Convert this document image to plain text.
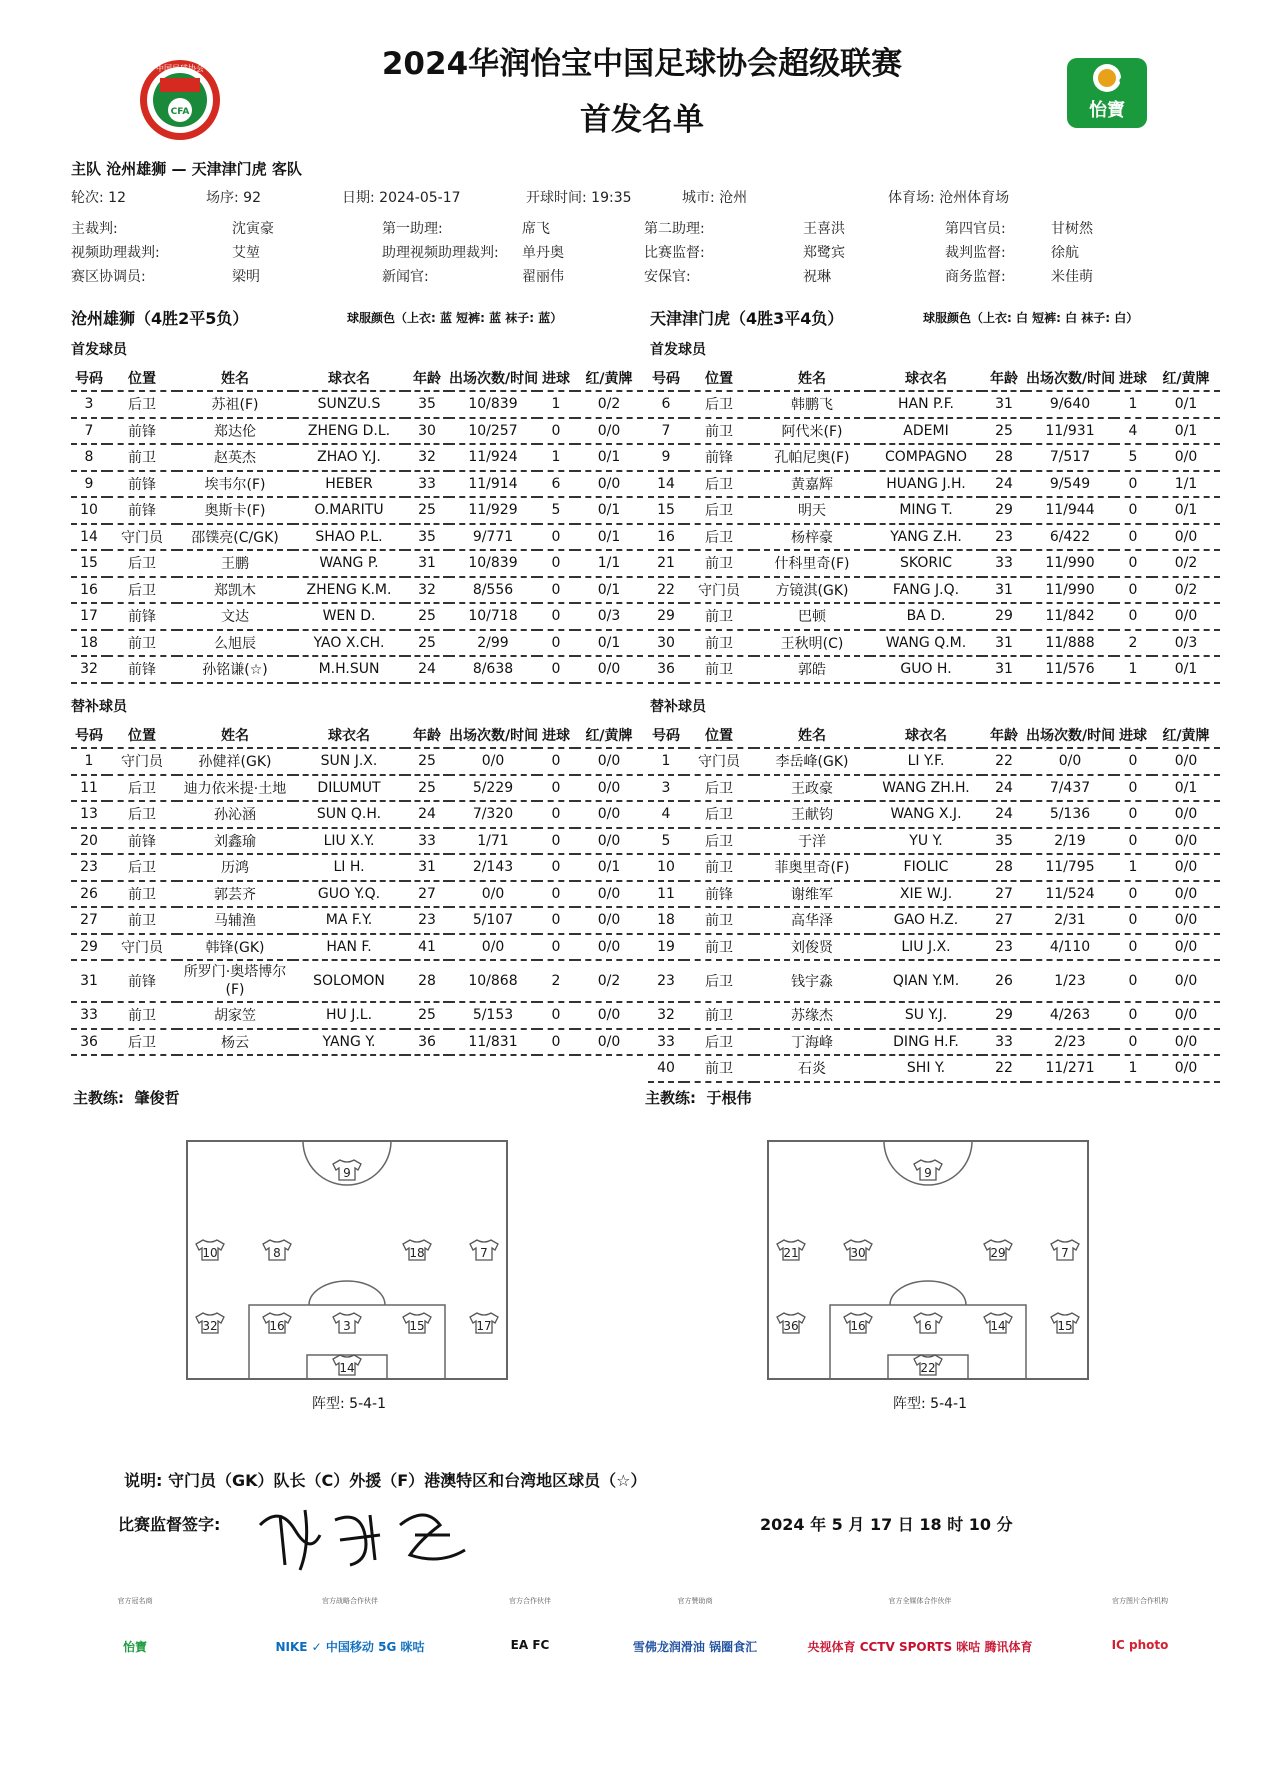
2024华润怡宝中国足球协会超级联赛
首发名单
CFA
中国足球协会
CSL
怡寶
主队 沧州雄狮 — 天津津门虎 客队
轮次: 12	场序: 92	日期: 2024-05-17	开球时间: 19:35	城市: 沧州	体育场: 沧州体育场
主裁判:	沈寅豪	第一助理:	席飞	第二助理:	王喜洪	第四官员:	甘树然
视频助理裁判:	艾堃	助理视频助理裁判: 单丹奥	比赛监督:	郑鹭宾	裁判监督:	徐航
赛区协调员:	梁明	新闻官:	翟丽伟	安保官:	祝琳	商务监督:	米佳萌
沧州雄狮（4胜2平5负）	球服颜色（上衣: 蓝 短裤: 蓝 袜子: 蓝）	天津津门虎（4胜3平4负）	球服颜色（上衣: 白 短裤: 白 袜子: 白）
首发球员	首发球员
号码	位置	姓名	球衣名	年龄	出场次数/时间	进球	红/黄牌
3	后卫	苏祖(F)	SUNZU.S	35	10/839	1	0/2
7	前锋	郑达伦	ZHENG D.L.	30	10/257	0	0/0
8	前卫	赵英杰	ZHAO Y.J.	32	11/924	1	0/1
9	前锋	埃韦尔(F)	HEBER	33	11/914	6	0/0
10	前锋	奥斯卡(F)	O.MARITU	25	11/929	5	0/1
14	守门员	邵镤亮(C/GK)	SHAO P.L.	35	9/771	0	0/1
15	后卫	王鹏	WANG P.	31	10/839	0	1/1
16	后卫	郑凯木	ZHENG K.M.	32	8/556	0	0/1
17	前锋	文达	WEN D.	25	10/718	0	0/3
18	前卫	么旭辰	YAO X.CH.	25	2/99	0	0/1
32	前锋	孙铭谦(☆)	M.H.SUN	24	8/638	0	0/0
号码	位置	姓名	球衣名	年龄	出场次数/时间	进球	红/黄牌
6	后卫	韩鹏飞	HAN P.F.	31	9/640	1	0/1
7	前卫	阿代米(F)	ADEMI	25	11/931	4	0/1
9	前锋	孔帕尼奥(F)	COMPAGNO	28	7/517	5	0/0
14	后卫	黄嘉辉	HUANG J.H.	24	9/549	0	1/1
15	后卫	明天	MING T.	29	11/944	0	0/1
16	后卫	杨梓豪	YANG Z.H.	23	6/422	0	0/0
21	前卫	什科里奇(F)	SKORIC	33	11/990	0	0/2
22	守门员	方镜淇(GK)	FANG J.Q.	31	11/990	0	0/2
29	前卫	巴顿	BA D.	29	11/842	0	0/0
30	前卫	王秋明(C)	WANG Q.M.	31	11/888	2	0/3
36	前卫	郭皓	GUO H.	31	11/576	1	0/1
替补球员	替补球员
号码	位置	姓名	球衣名	年龄	出场次数/时间	进球	红/黄牌
1	守门员	孙健祥(GK)	SUN J.X.	25	0/0	0	0/0
11	后卫	迪力依米提·土地	DILUMUT	25	5/229	0	0/0
13	后卫	孙沁涵	SUN Q.H.	24	7/320	0	0/0
20	前锋	刘鑫瑜	LIU X.Y.	33	1/71	0	0/0
23	后卫	历鸿	LI H.	31	2/143	0	0/1
26	前卫	郭芸齐	GUO Y.Q.	27	0/0	0	0/0
27	前卫	马辅渔	MA F.Y.	23	5/107	0	0/0
29	守门员	韩锋(GK)	HAN F.	41	0/0	0	0/0
31	前锋	所罗门·奥塔博尔(F)	SOLOMON	28	10/868	2	0/2
33	前卫	胡家笠	HU J.L.	25	5/153	0	0/0
36	后卫	杨云	YANG Y.	36	11/831	0	0/0
号码	位置	姓名	球衣名	年龄	出场次数/时间	进球	红/黄牌
1	守门员	李岳峰(GK)	LI Y.F.	22	0/0	0	0/0
3	后卫	王政豪	WANG ZH.H.	24	7/437	0	0/1
4	后卫	王献钧	WANG X.J.	24	5/136	0	0/0
5	后卫	于洋	YU Y.	35	2/19	0	0/0
10	前卫	菲奥里奇(F)	FIOLIC	28	11/795	1	0/0
11	前锋	谢维军	XIE W.J.	27	11/524	0	0/0
18	前卫	高华泽	GAO H.Z.	27	2/31	0	0/0
19	前卫	刘俊贤	LIU J.X.	23	4/110	0	0/0
23	后卫	钱宇淼	QIAN Y.M.	26	1/23	0	0/0
32	前卫	苏缘杰	SU Y.J.	29	4/263	0	0/0
33	后卫	丁海峰	DING H.F.	33	2/23	0	0/0
40	前卫	石炎	SHI Y.	22	11/271	1	0/0
主教练: 肇俊哲	主教练: 于根伟
9
10	8	18	7
32	16	3	15	17
14
阵型: 5-4-1
9
21	30	29	7
36	16	6	14	15
22
阵型: 5-4-1
说明: 守门员（GK）队长（C）外援（F）港澳特区和台湾地区球员（☆）
比赛监督签字:	2024 年 5 月 17 日 18 时 10 分
官方冠名商
怡寶
官方战略合作伙伴
NIKE ✓ 中国移动 5G 咪咕
官方合作伙伴
EA FC
官方赞助商
雪佛龙润滑油 锅圈食汇
官方全媒体合作伙伴
央视体育 CCTV SPORTS 咪咕 腾讯体育
官方图片合作机构
IC photo
